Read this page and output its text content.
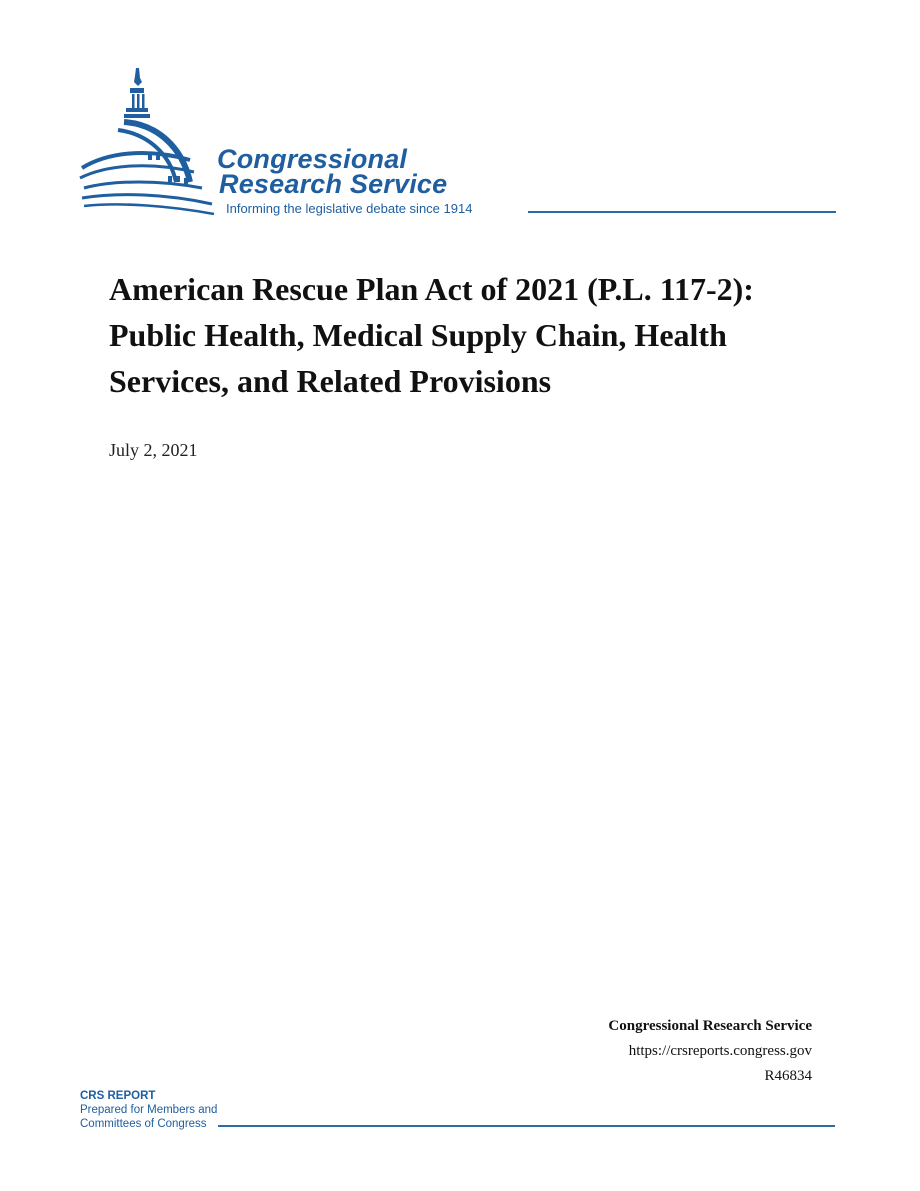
Congressional
Research Service
Informing the legislative debate since 1914
American Rescue Plan Act of 2021 (P.L. 117-2): Public Health, Medical Supply Chain, Health Services, and Related Provisions
July 2, 2021
Congressional Research Service
https://crsreports.congress.gov
R46834
CRS REPORT
Prepared for Members and
Committees of Congress
